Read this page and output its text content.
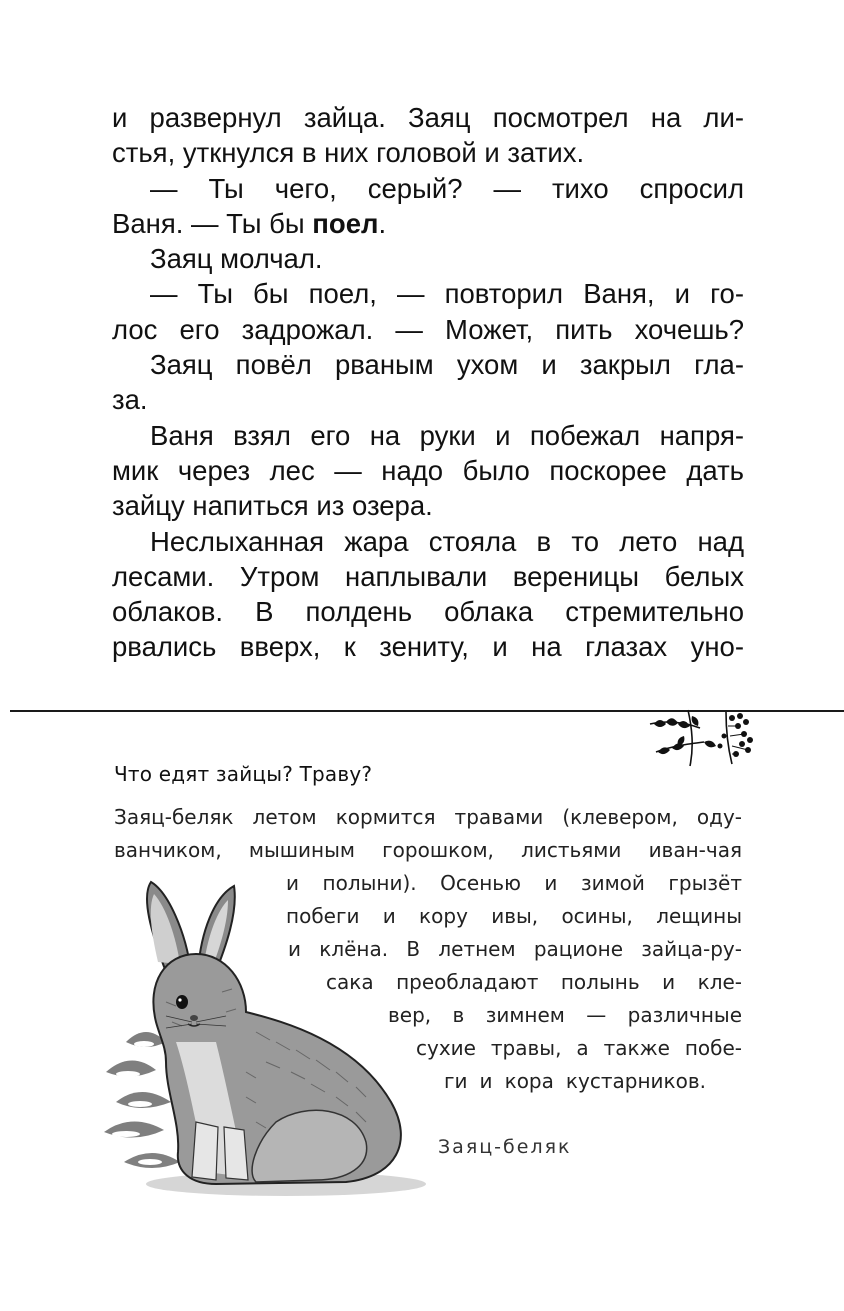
и развернул зайца. Заяц посмотрел на ли-

стья, уткнулся в них головой и затих.

— Ты чего, серый? — тихо спросил

Ваня. — Ты бы поел.

Заяц молчал.

— Ты бы поел, — повторил Ваня, и го-

лос его задрожал. — Может, пить хочешь?

Заяц повёл рваным ухом и закрыл гла-

за.

Ваня взял его на руки и побежал напря-

мик через лес — надо было поскорее дать

зайцу напиться из озера.

Неслыханная жара стояла в то лето над

лесами. Утром наплывали вереницы белых

облаков. В полдень облака стремительно

рвались вверх, к зениту, и на глазах уно-

Что едят зайцы? Траву?
Заяц-беляк летом кормится травами (клевером, оду-
ванчиком, мышиным горошком, листьями иван-чая
и полыни). Осенью и зимой грызёт
побеги и кору ивы, осины, лещины
и клёна. В летнем рационе зайца-ру-
сака преобладают полынь и кле-
вер, в зимнем — различные
сухие травы, а также побе-
ги и кора кустарников.
Заяц-беляк
